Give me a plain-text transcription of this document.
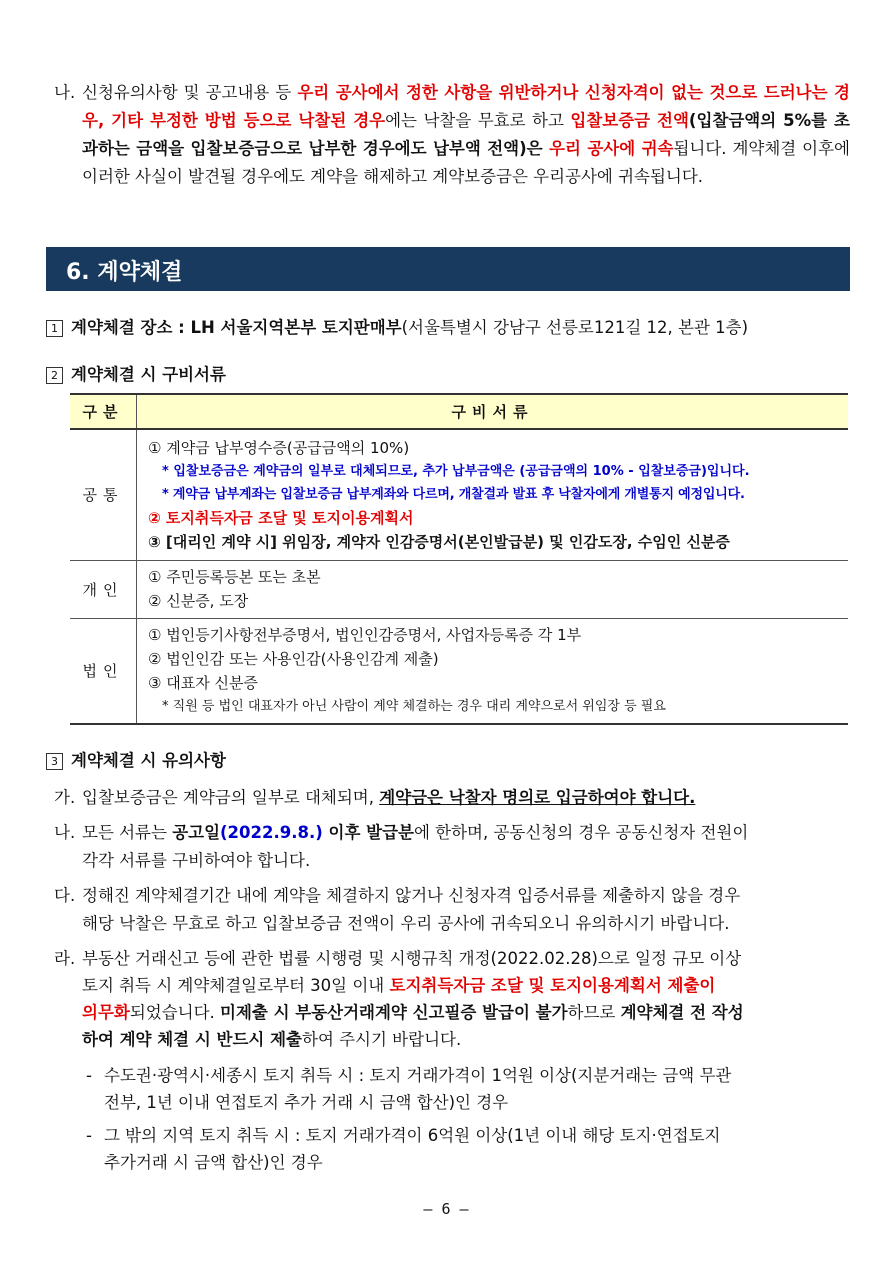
나. 신청유의사항 및 공고내용 등 우리 공사에서 정한 사항을 위반하거나 신청자격이 없는 것으로 드러나는 경우, 기타 부정한 방법 등으로 낙찰된 경우에는 낙찰을 무효로 하고 입찰보증금 전액(입찰금액의 5%를 초과하는 금액을 입찰보증금으로 납부한 경우에도 납부액 전액)은 우리 공사에 귀속됩니다. 계약체결 이후에 이러한 사실이 발견될 경우에도 계약을 해제하고 계약보증금은 우리공사에 귀속됩니다.
6. 계약체결
1 계약체결 장소 : LH 서울지역본부 토지판매부(서울특별시 강남구 선릉로121길 12, 본관 1층)
2 계약체결 시 구비서류
구분	구비서류
공통	① 계약금 납부영수증(공급금액의 10%)
* 입찰보증금은 계약금의 일부로 대체되므로, 추가 납부금액은 (공급금액의 10% - 입찰보증금)입니다.
* 계약금 납부계좌는 입찰보증금 납부계좌와 다르며, 개찰결과 발표 후 낙찰자에게 개별통지 예정입니다.
② 토지취득자금 조달 및 토지이용계획서
③ [대리인 계약 시] 위임장, 계약자 인감증명서(본인발급분) 및 인감도장, 수임인 신분증

개인	① 주민등록등본 또는 초본
② 신분증, 도장

법인	① 법인등기사항전부증명서, 법인인감증명서, 사업자등록증 각 1부
② 법인인감 또는 사용인감(사용인감계 제출)
③ 대표자 신분증
* 직원 등 법인 대표자가 아닌 사람이 계약 체결하는 경우 대리 계약으로서 위임장 등 필요
3 계약체결 시 유의사항
가. 입찰보증금은 계약금의 일부로 대체되며, 계약금은 낙찰자 명의로 입금하여야 합니다.
나. 모든 서류는 공고일(2022.9.8.) 이후 발급분에 한하며, 공동신청의 경우 공동신청자 전원이
각각 서류를 구비하여야 합니다.
다. 정해진 계약체결기간 내에 계약을 체결하지 않거나 신청자격 입증서류를 제출하지 않을 경우
해당 낙찰은 무효로 하고 입찰보증금 전액이 우리 공사에 귀속되오니 유의하시기 바랍니다.
라. 부동산 거래신고 등에 관한 법률 시행령 및 시행규칙 개정(2022.02.28)으로 일정 규모 이상
토지 취득 시 계약체결일로부터 30일 이내 토지취득자금 조달 및 토지이용계획서 제출이
의무화되었습니다. 미제출 시 부동산거래계약 신고필증 발급이 불가하므로 계약체결 전 작성
하여 계약 체결 시 반드시 제출하여 주시기 바랍니다.
- 수도권·광역시·세종시 토지 취득 시 : 토지 거래가격이 1억원 이상(지분거래는 금액 무관
전부, 1년 이내 연접토지 추가 거래 시 금액 합산)인 경우
- 그 밖의 지역 토지 취득 시 : 토지 거래가격이 6억원 이상(1년 이내 해당 토지·연접토지
추가거래 시 금액 합산)인 경우
– 6 –
